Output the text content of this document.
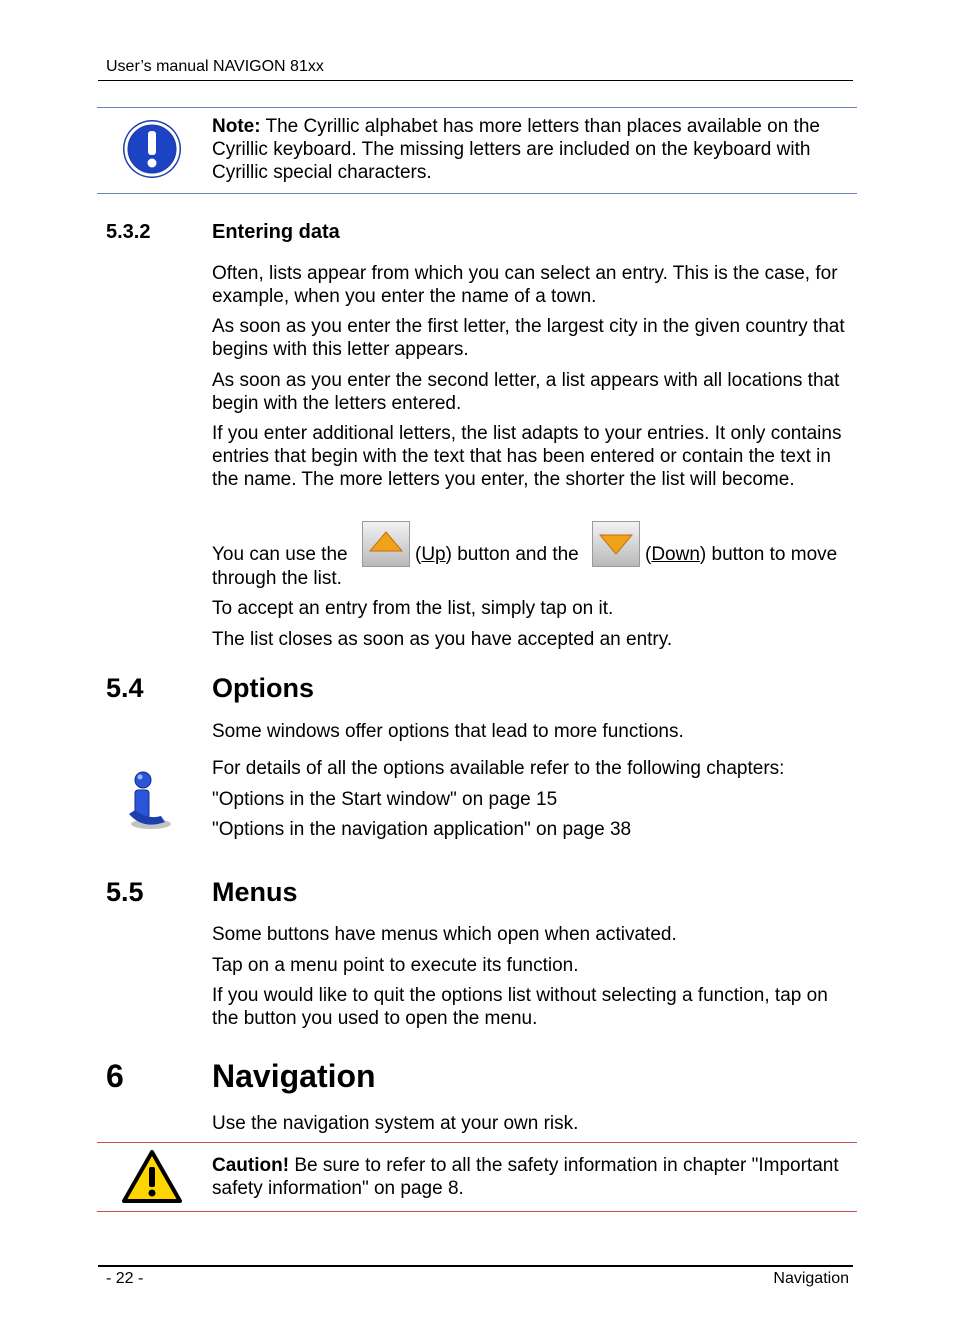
User’s manual NAVIGON 81xx
Note: The Cyrillic alphabet has more letters than places available on the Cyrillic keyboard. The missing letters are included on the keyboard with Cyrillic special characters.
5.3.2	Entering data
Often, lists appear from which you can select an entry. This is the case, for example, when you enter the name of a town.
As soon as you enter the first letter, the largest city in the given country that begins with this letter appears.
As soon as you enter the second letter, a list appears with all locations that begin with the letters entered.
If you enter additional letters, the list adapts to your entries. It only contains entries that begin with the text that has been entered or contain the text in the name. The more letters you enter, the shorter the list will become.
You can use the	(Up) button and the	(Down) button to move
through the list.
To accept an entry from the list, simply tap on it.
The list closes as soon as you have accepted an entry.
5.4	Options
Some windows offer options that lead to more functions.
For details of all the options available refer to the following chapters:
"Options in the Start window" on page 15
"Options in the navigation application" on page 38
5.5	Menus
Some buttons have menus which open when activated.
Tap on a menu point to execute its function.
If you would like to quit the options list without selecting a function, tap on the button you used to open the menu.
6	Navigation
Use the navigation system at your own risk.
Caution! Be sure to refer to all the safety information in chapter "Important safety information" on page 8.
- 22 -	Navigation
